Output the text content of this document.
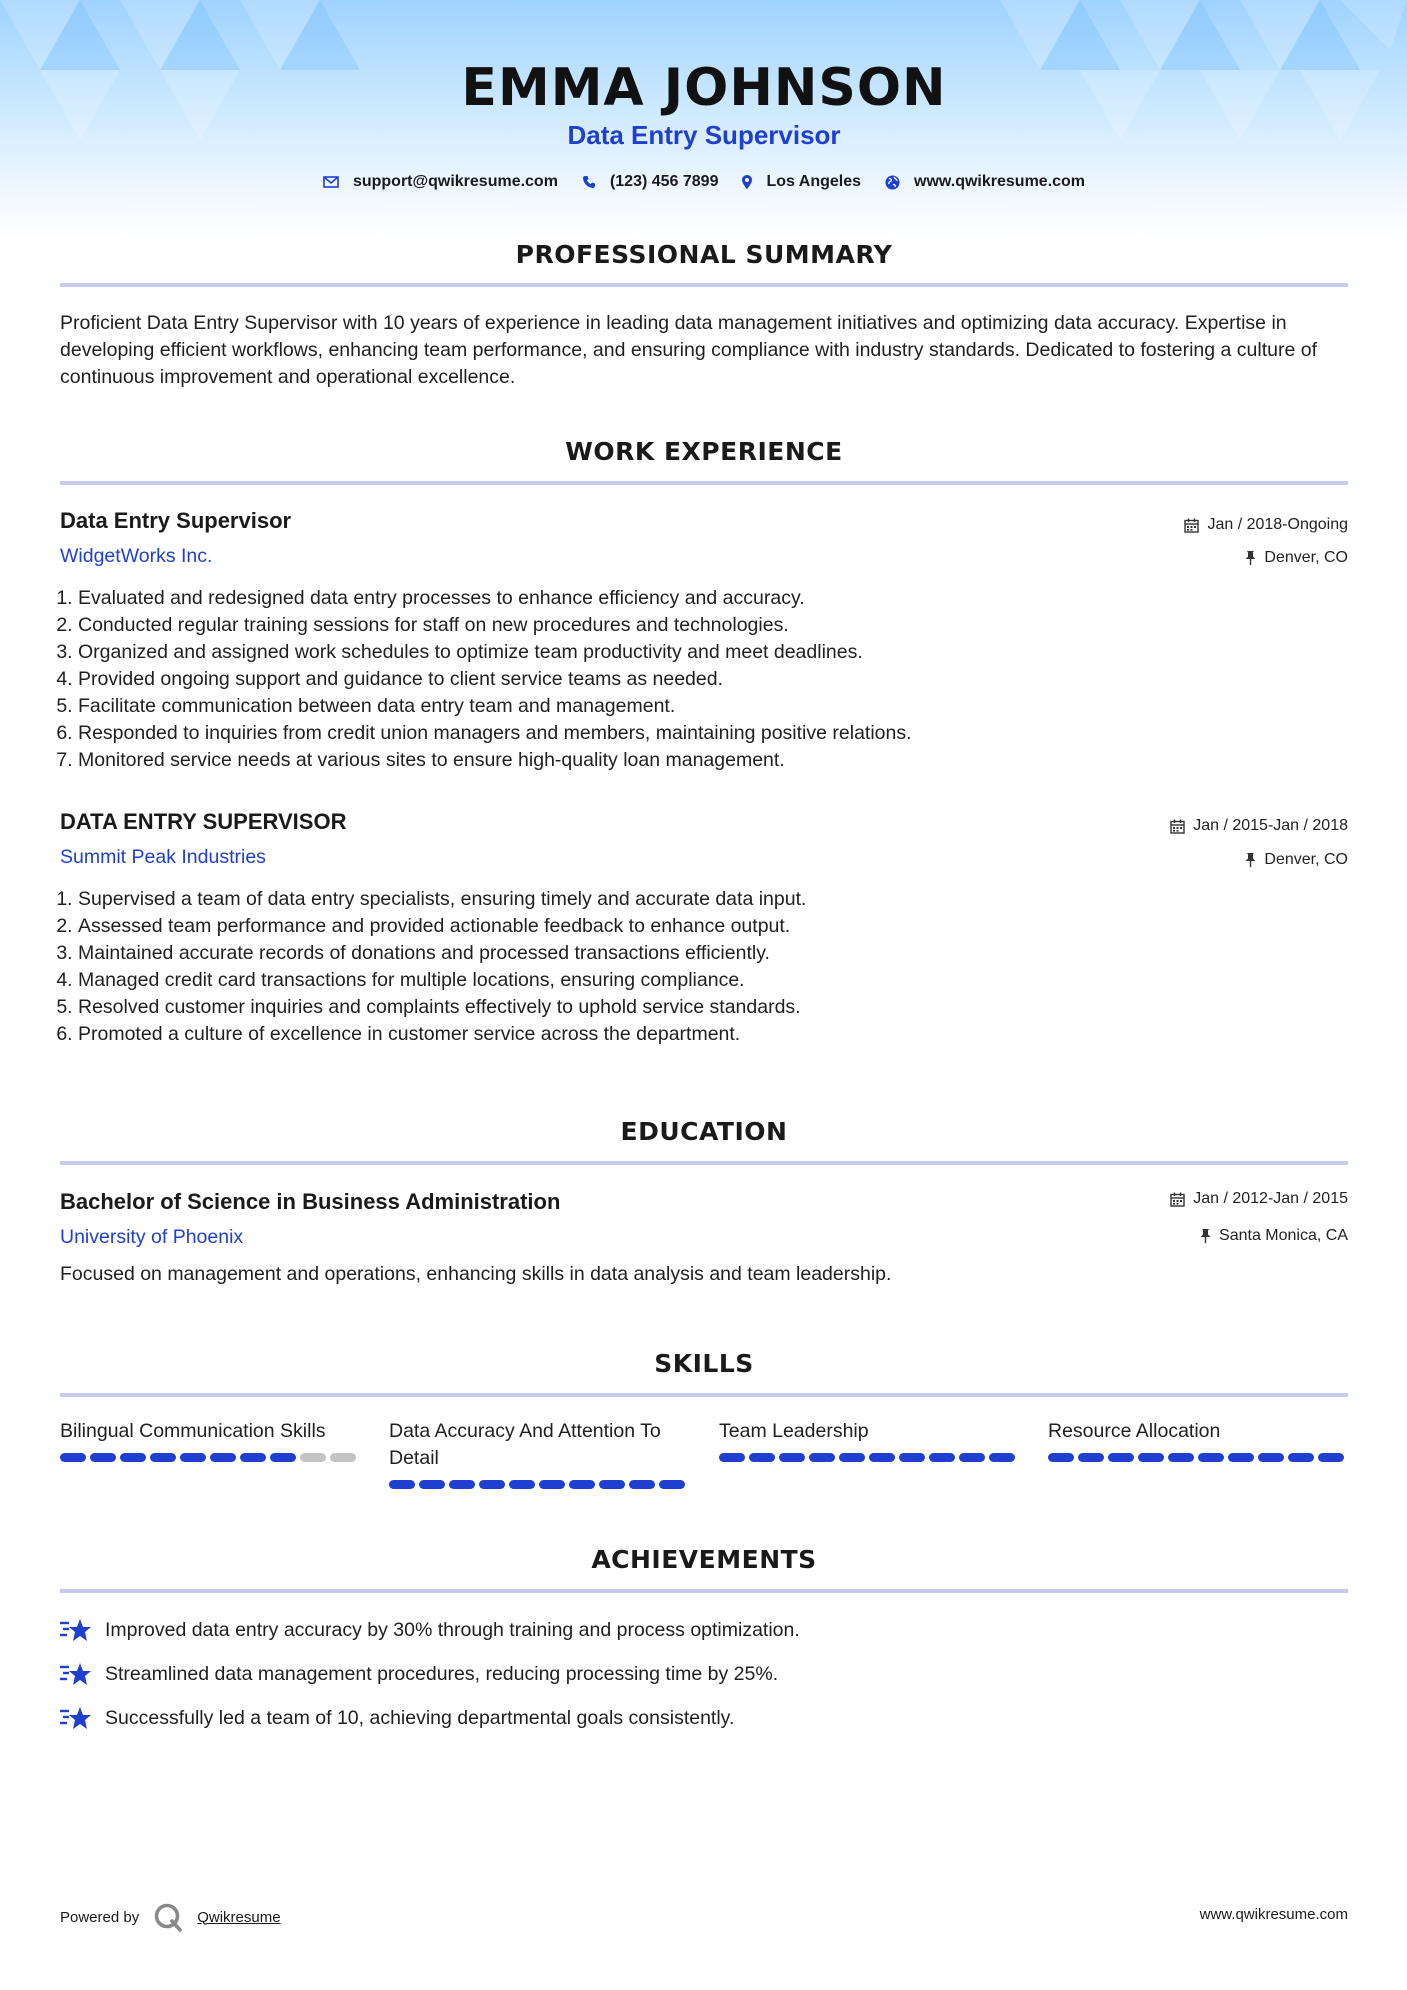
EMMA JOHNSON
Data Entry Supervisor
support@qwikresume.com	(123) 456 7899	Los Angeles	www.qwikresume.com
PROFESSIONAL SUMMARY
Proficient Data Entry Supervisor with 10 years of experience in leading data management initiatives and optimizing data accuracy. Expertise in developing efficient workflows, enhancing team performance, and ensuring compliance with industry standards. Dedicated to fostering a culture of continuous improvement and operational excellence.
WORK EXPERIENCE
Data Entry Supervisor	Jan / 2018-Ongoing
WidgetWorks Inc.	Denver, CO
1. Evaluated and redesigned data entry processes to enhance efficiency and accuracy.
2. Conducted regular training sessions for staff on new procedures and technologies.
3. Organized and assigned work schedules to optimize team productivity and meet deadlines.
4. Provided ongoing support and guidance to client service teams as needed.
5. Facilitate communication between data entry team and management.
6. Responded to inquiries from credit union managers and members, maintaining positive relations.
7. Monitored service needs at various sites to ensure high-quality loan management.
DATA ENTRY SUPERVISOR	Jan / 2015-Jan / 2018
Summit Peak Industries	Denver, CO
1. Supervised a team of data entry specialists, ensuring timely and accurate data input.
2. Assessed team performance and provided actionable feedback to enhance output.
3. Maintained accurate records of donations and processed transactions efficiently.
4. Managed credit card transactions for multiple locations, ensuring compliance.
5. Resolved customer inquiries and complaints effectively to uphold service standards.
6. Promoted a culture of excellence in customer service across the department.
EDUCATION
Bachelor of Science in Business Administration	Jan / 2012-Jan / 2015
University of Phoenix	Santa Monica, CA
Focused on management and operations, enhancing skills in data analysis and team leadership.
SKILLS
Bilingual Communication Skills	Data Accuracy And Attention To Detail
Team Leadership	Resource Allocation
ACHIEVEMENTS
Improved data entry accuracy by 30% through training and process optimization.
Streamlined data management procedures, reducing processing time by 25%.
Successfully led a team of 10, achieving departmental goals consistently.
Powered by	Qwikresume	www.qwikresume.com
